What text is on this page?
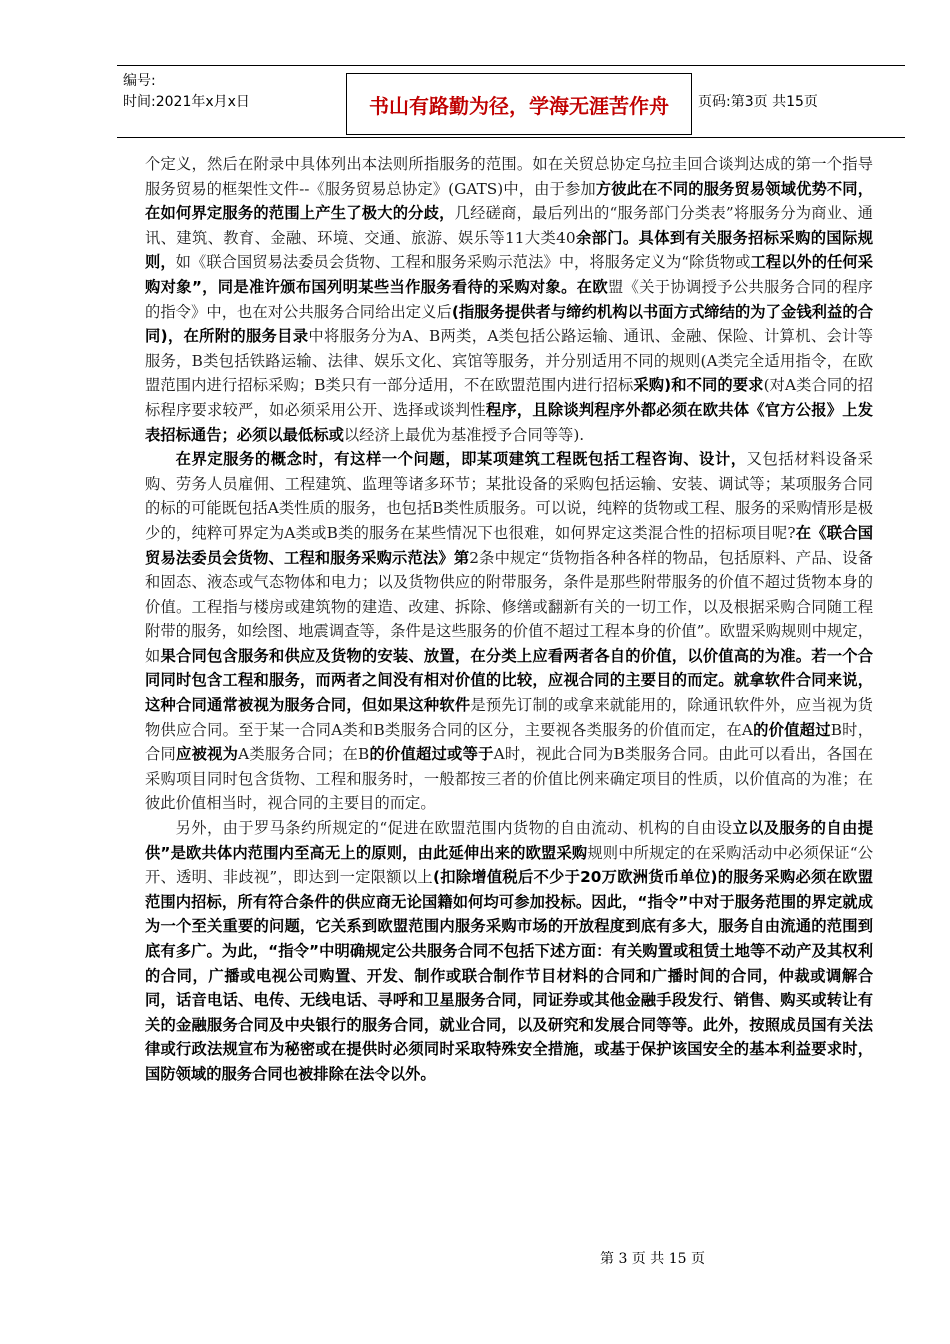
编号:
时间:2021年x月x日	书山有路勤为径，学海无涯苦作舟	页码:第3页 共15页

个定义，然后在附录中具体列出本法则所指服务的范围。如在关贸总协定乌拉圭回合谈判达成的第一个指导服务贸易的框架性文件--《服务贸易总协定》(GATS)中，由于参加方彼此在不同的服务贸易领域优势不同，在如何界定服务的范围上产生了极大的分歧，几经磋商，最后列出的“服务部门分类表”将服务分为商业、通讯、建筑、教育、金融、环境、交通、旅游、娱乐等11大类40余部门。具体到有关服务招标采购的国际规则，如《联合国贸易法委员会货物、工程和服务采购示范法》中，将服务定义为“除货物或工程以外的任何采购对象”，同是准许颁布国列明某些当作服务看待的采购对象。在欧盟《关于协调授予公共服务合同的程序的指令》中，也在对公共服务合同给出定义后(指服务提供者与缔约机构以书面方式缔结的为了金钱利益的合同)，在所附的服务目录中将服务分为A、B两类，A类包括公路运输、通讯、金融、保险、计算机、会计等服务，B类包括铁路运输、法律、娱乐文化、宾馆等服务，并分别适用不同的规则(A类完全适用指令，在欧盟范围内进行招标采购；B类只有一部分适用，不在欧盟范围内进行招标采购)和不同的要求(对A类合同的招标程序要求较严，如必须采用公开、选择或谈判性程序，且除谈判程序外都必须在欧共体《官方公报》上发表招标通告；必须以最低标或以经济上最优为基准授予合同等等).

在界定服务的概念时，有这样一个问题，即某项建筑工程既包括工程咨询、设计，又包括材料设备采购、劳务人员雇佣、工程建筑、监理等诸多环节；某批设备的采购包括运输、安装、调试等；某项服务合同的标的可能既包括A类性质的服务，也包括B类性质服务。可以说，纯粹的货物或工程、服务的采购情形是极少的，纯粹可界定为A类或B类的服务在某些情况下也很难，如何界定这类混合性的招标项目呢?在《联合国贸易法委员会货物、工程和服务采购示范法》第2条中规定“货物指各种各样的物品，包括原料、产品、设备和固态、液态或气态物体和电力；以及货物供应的附带服务，条件是那些附带服务的价值不超过货物本身的价值。工程指与楼房或建筑物的建造、改建、拆除、修缮或翻新有关的一切工作，以及根据采购合同随工程附带的服务，如绘图、地震调查等，条件是这些服务的价值不超过工程本身的价值”。欧盟采购规则中规定，如果合同包含服务和供应及货物的安装、放置，在分类上应看两者各自的价值，以价值高的为准。若一个合同同时包含工程和服务，而两者之间没有相对价值的比较，应视合同的主要目的而定。就拿软件合同来说，这种合同通常被视为服务合同，但如果这种软件是预先订制的或拿来就能用的，除通讯软件外，应当视为货物供应合同。至于某一合同A类和B类服务合同的区分，主要视各类服务的价值而定，在A的价值超过B时，合同应被视为A类服务合同；在B的价值超过或等于A时，视此合同为B类服务合同。由此可以看出，各国在采购项目同时包含货物、工程和服务时，一般都按三者的价值比例来确定项目的性质，以价值高的为准；在彼此价值相当时，视合同的主要目的而定。

另外，由于罗马条约所规定的“促进在欧盟范围内货物的自由流动、机构的自由设立以及服务的自由提供”是欧共体内范围内至高无上的原则，由此延伸出来的欧盟采购规则中所规定的在采购活动中必须保证“公开、透明、非歧视”，即达到一定限额以上(扣除增值税后不少于20万欧洲货币单位)的服务采购必须在欧盟范围内招标，所有符合条件的供应商无论国籍如何均可参加投标。因此，“指令”中对于服务范围的界定就成为一个至关重要的问题，它关系到欧盟范围内服务采购市场的开放程度到底有多大，服务自由流通的范围到底有多广。为此，“指令”中明确规定公共服务合同不包括下述方面：有关购置或租赁土地等不动产及其权利的合同，广播或电视公司购置、开发、制作或联合制作节目材料的合同和广播时间的合同，仲裁或调解合同，话音电话、电传、无线电话、寻呼和卫星服务合同，同证券或其他金融手段发行、销售、购买或转让有关的金融服务合同及中央银行的服务合同，就业合同，以及研究和发展合同等等。此外，按照成员国有关法律或行政法规宣布为秘密或在提供时必须同时采取特殊安全措施，或基于保护该国安全的基本利益要求时，国防领域的服务合同也被排除在法令以外。

第 3 页 共 15 页
